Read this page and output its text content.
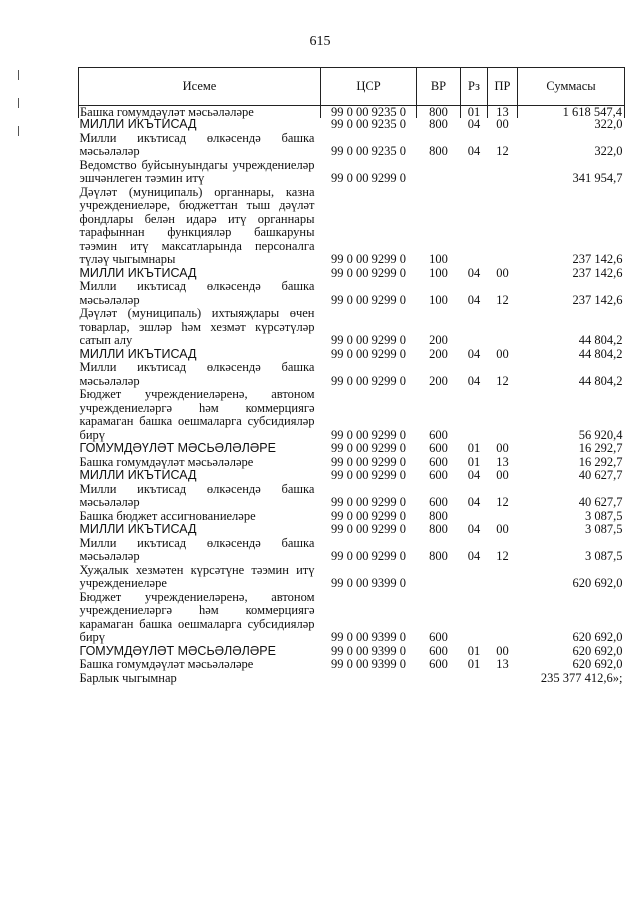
615
Исеме	ЦСР	ВР	Рз	ПР	Суммасы
Башка гомумдәүләт мәсьәләләре	99 0 00 9235 0	800	01	13	1 618 547,4
МИЛЛИ ИКЪТИСАД	99 0 00 9235 0	800	04	00	322,0
Милли икътисад өлкәсендә башка мәсьәләләр	99 0 00 9235 0	800	04	12	322,0
Ведомство буйсынуындагы учреждениеләр эшчәнлеген тәэмин итү	99 0 00 9299 0				341 954,7
Дәүләт (муниципаль) органнары, казна учреждениеләре, бюджеттан тыш дәүләт фондлары белән идарә итү органнары тарафыннан функцияләр башкаруны тәэмин итү максатларында персоналга түләү чыгымнары	99 0 00 9299 0	100			237 142,6
МИЛЛИ ИКЪТИСАД	99 0 00 9299 0	100	04	00	237 142,6
Милли икътисад өлкәсендә башка мәсьәләләр	99 0 00 9299 0	100	04	12	237 142,6
Дәүләт (муниципаль) ихтыяҗлары өчен товарлар, эшләр һәм хезмәт күрсәтүләр сатып алу	99 0 00 9299 0	200			44 804,2
МИЛЛИ ИКЪТИСАД	99 0 00 9299 0	200	04	00	44 804,2
Милли икътисад өлкәсендә башка мәсьәләләр	99 0 00 9299 0	200	04	12	44 804,2
Бюджет учреждениеләренә, автоном учреждениеләргә һәм коммерциягә карамаган башка оешмаларга субсидияләр бирү	99 0 00 9299 0	600			56 920,4
ГОМУМДӘҮЛӘТ МӘСЬӘЛӘЛӘРЕ	99 0 00 9299 0	600	01	00	16 292,7
Башка гомумдәүләт мәсьәләләре	99 0 00 9299 0	600	01	13	16 292,7
МИЛЛИ ИКЪТИСАД	99 0 00 9299 0	600	04	00	40 627,7
Милли икътисад өлкәсендә башка мәсьәләләр	99 0 00 9299 0	600	04	12	40 627,7
Башка бюджет ассигнованиеләре	99 0 00 9299 0	800			3 087,5
МИЛЛИ ИКЪТИСАД	99 0 00 9299 0	800	04	00	3 087,5
Милли икътисад өлкәсендә башка мәсьәләләр	99 0 00 9299 0	800	04	12	3 087,5
Хуҗалык хезмәтен күрсәтүне тәэмин итү учреждениеләре	99 0 00 9399 0				620 692,0
Бюджет учреждениеләренә, автоном учреждениеләргә һәм коммерциягә карамаган башка оешмаларга субсидияләр бирү	99 0 00 9399 0	600			620 692,0
ГОМУМДӘҮЛӘТ МӘСЬӘЛӘЛӘРЕ	99 0 00 9399 0	600	01	00	620 692,0
Башка гомумдәүләт мәсьәләләре	99 0 00 9399 0	600	01	13	620 692,0
Барлык чыгымнар					235 377 412,6»;
